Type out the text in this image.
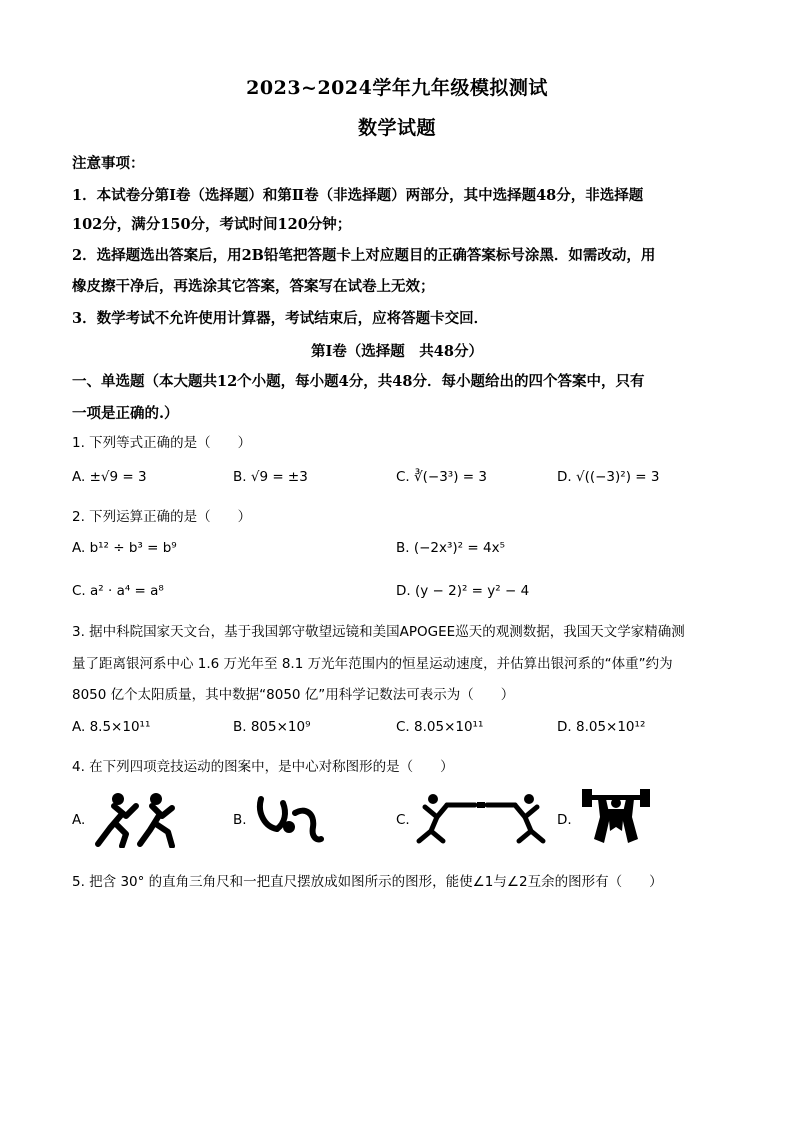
2023~2024学年九年级模拟测试
数学试题
注意事项：
1．本试卷分第Ⅰ卷（选择题）和第Ⅱ卷（非选择题）两部分，其中选择题48分，非选择题
102分，满分150分，考试时间120分钟；
2．选择题选出答案后，用2B铅笔把答题卡上对应题目的正确答案标号涂黑．如需改动，用
橡皮擦干净后，再选涂其它答案，答案写在试卷上无效；
3．数学考试不允许使用计算器，考试结束后，应将答题卡交回．
第Ⅰ卷（选择题　共48分）
一、单选题（本大题共12个小题，每小题4分，共48分．每小题给出的四个答案中，只有
一项是正确的.）
1. 下列等式正确的是（　　）
A. ±√9 = 3	B. √9 = ±3	C. ∛(−3³) = 3	D. √((−3)²) = 3
2. 下列运算正确的是（　　）
A. b¹² ÷ b³ = b⁹	B. (−2x³)² = 4x⁵
C. a² · a⁴ = a⁸	D. (y − 2)² = y² − 4
3. 据中科院国家天文台，基于我国郭守敬望远镜和美国APOGEE巡天的观测数据，我国天文学家精确测
量了距离银河系中心 1.6 万光年至 8.1 万光年范围内的恒星运动速度，并估算出银河系的“体重”约为
8050 亿个太阳质量，其中数据“8050 亿”用科学记数法可表示为（　　）
A. 8.5×10¹¹	B. 805×10⁹	C. 8.05×10¹¹	D. 8.05×10¹²
4. 在下列四项竞技运动的图案中，是中心对称图形的是（　　）
A.	B.	C.	D.
5. 把含 30° 的直角三角尺和一把直尺摆放成如图所示的图形，能使∠1与∠2互余的图形有（　　）
